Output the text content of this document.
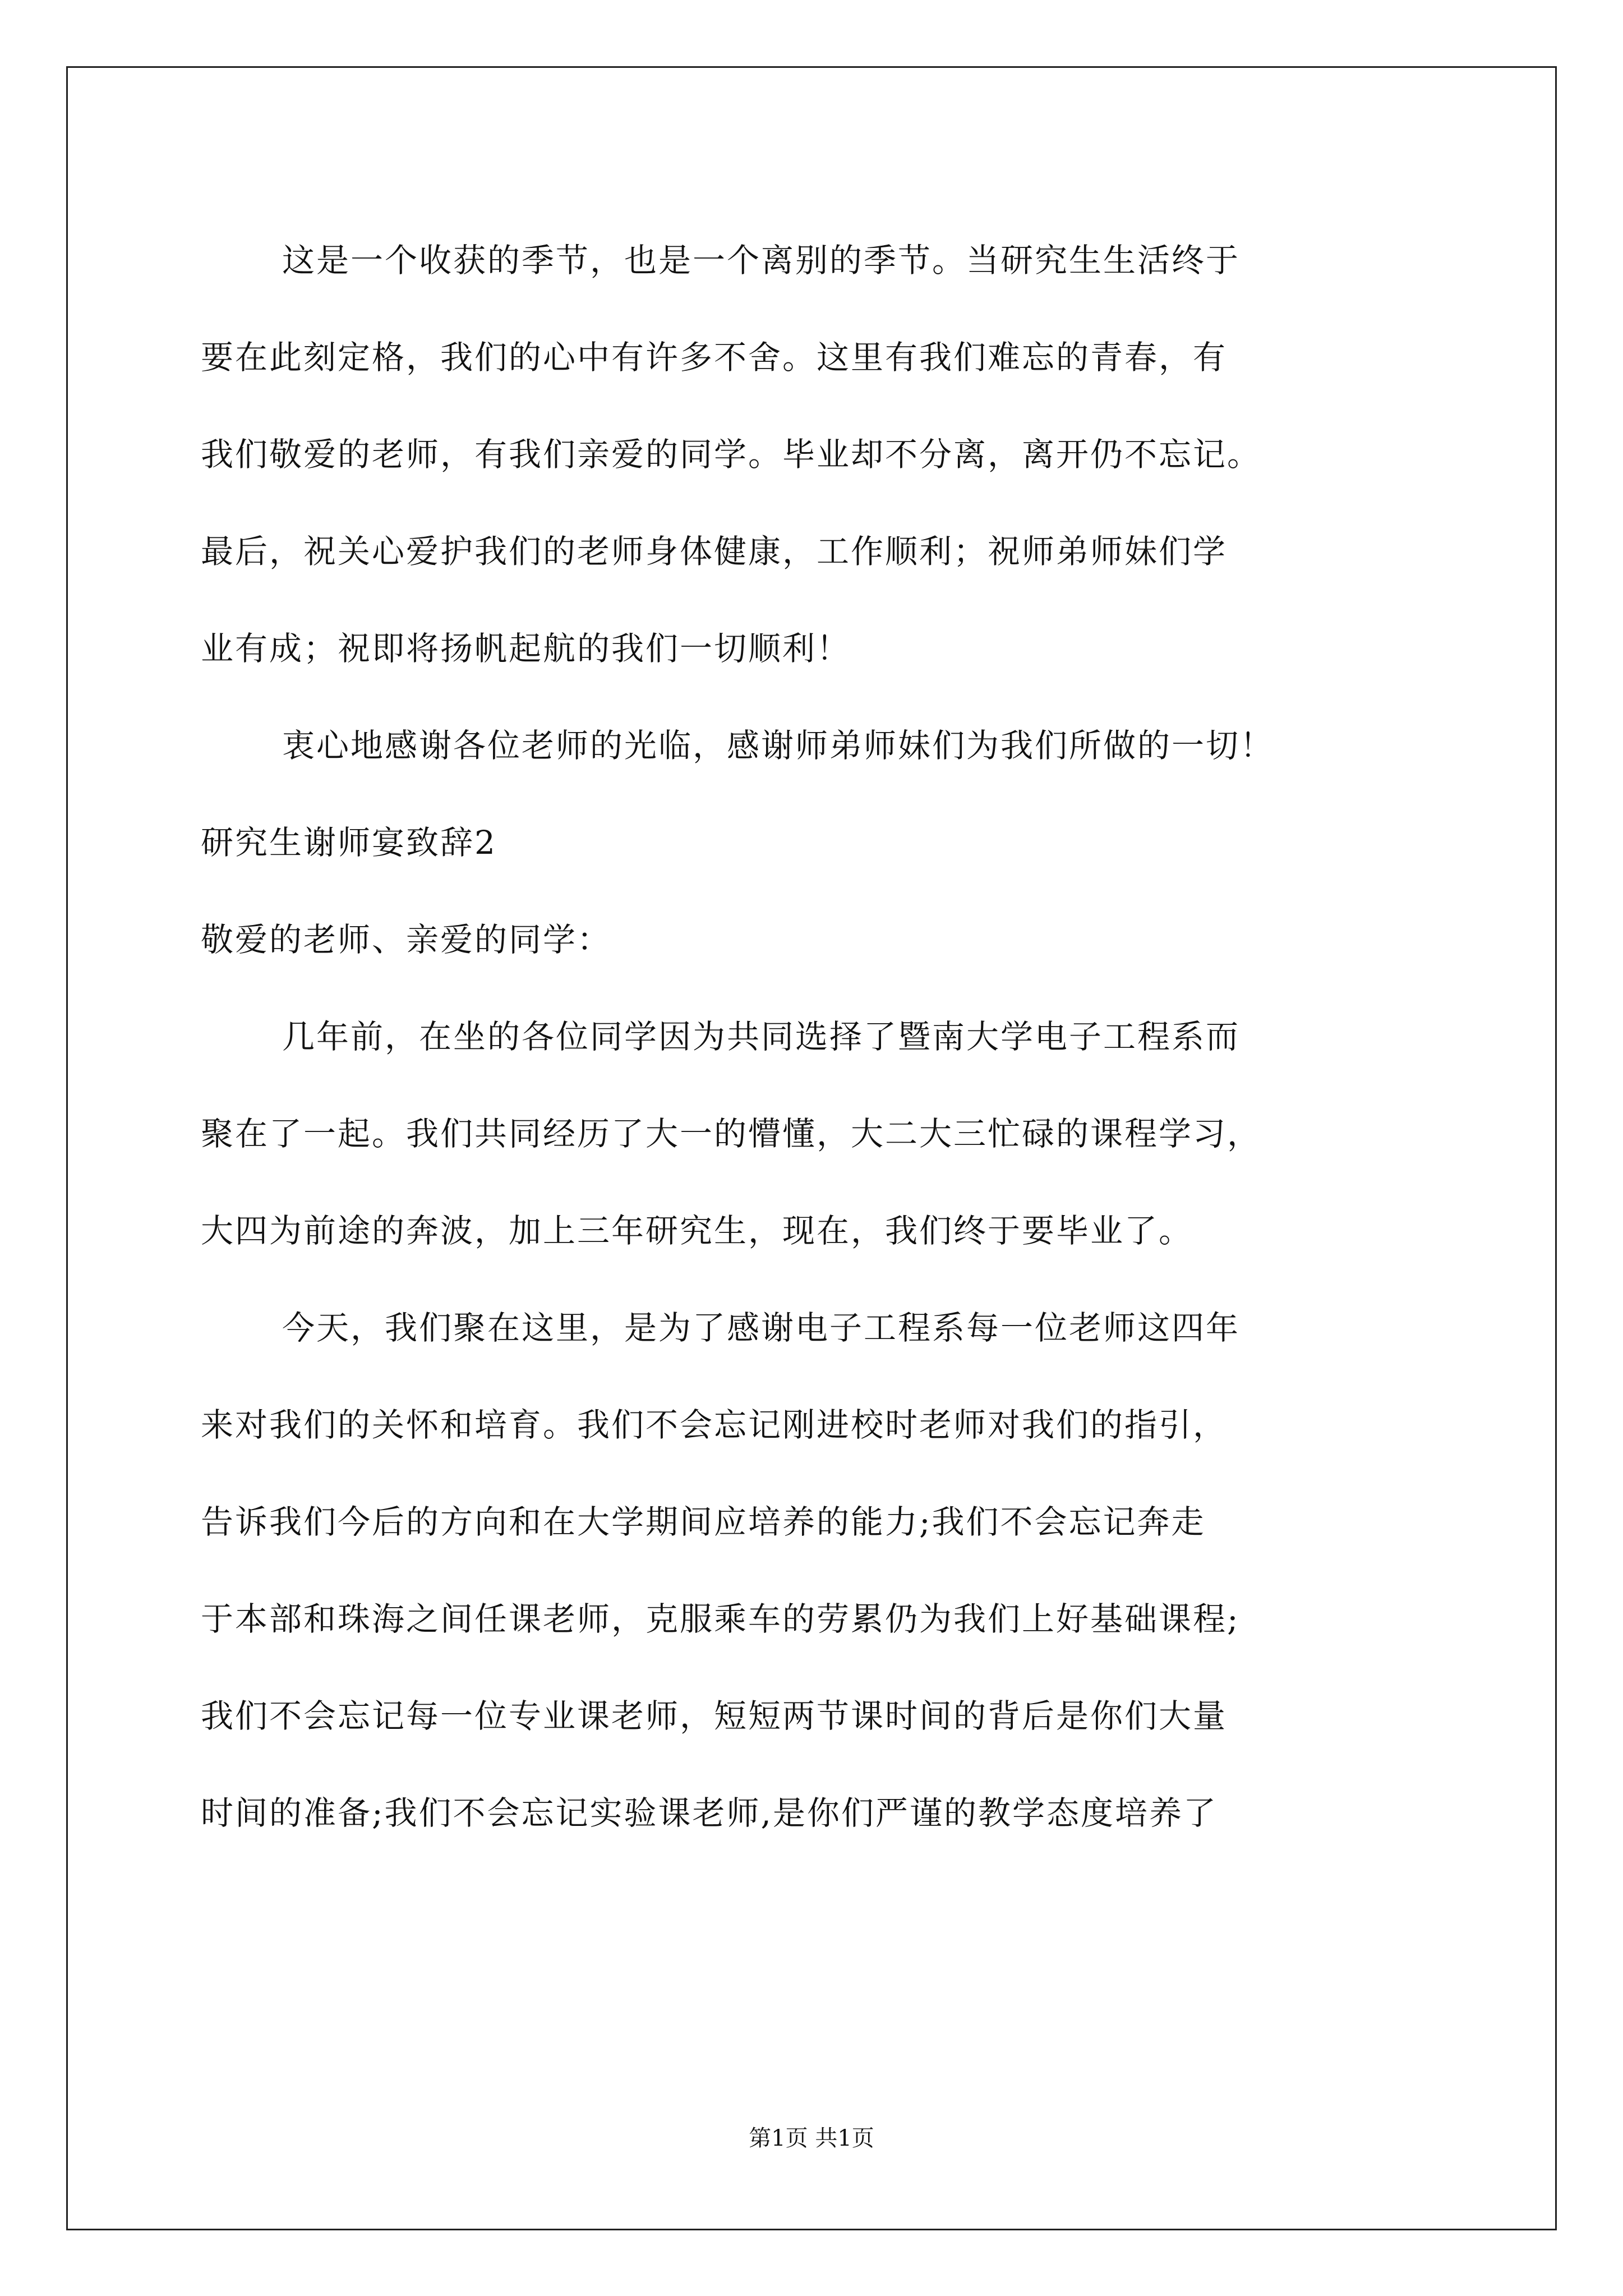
这是一个收获的季节，也是一个离别的季节。当研究生生活终于
要在此刻定格，我们的心中有许多不舍。这里有我们难忘的青春，有
我们敬爱的老师，有我们亲爱的同学。毕业却不分离，离开仍不忘记。
最后，祝关心爱护我们的老师身体健康，工作顺利；祝师弟师妹们学
业有成；祝即将扬帆起航的我们一切顺利！
衷心地感谢各位老师的光临，感谢师弟师妹们为我们所做的一切！
研究生谢师宴致辞2
敬爱的老师、亲爱的同学：
几年前，在坐的各位同学因为共同选择了暨南大学电子工程系而
聚在了一起。我们共同经历了大一的懵懂，大二大三忙碌的课程学习，
大四为前途的奔波，加上三年研究生，现在，我们终于要毕业了。
今天，我们聚在这里，是为了感谢电子工程系每一位老师这四年
来对我们的关怀和培育。我们不会忘记刚进校时老师对我们的指引，
告诉我们今后的方向和在大学期间应培养的能力;我们不会忘记奔走
于本部和珠海之间任课老师，克服乘车的劳累仍为我们上好基础课程;
我们不会忘记每一位专业课老师，短短两节课时间的背后是你们大量
时间的准备;我们不会忘记实验课老师,是你们严谨的教学态度培养了
第1页 共1页
